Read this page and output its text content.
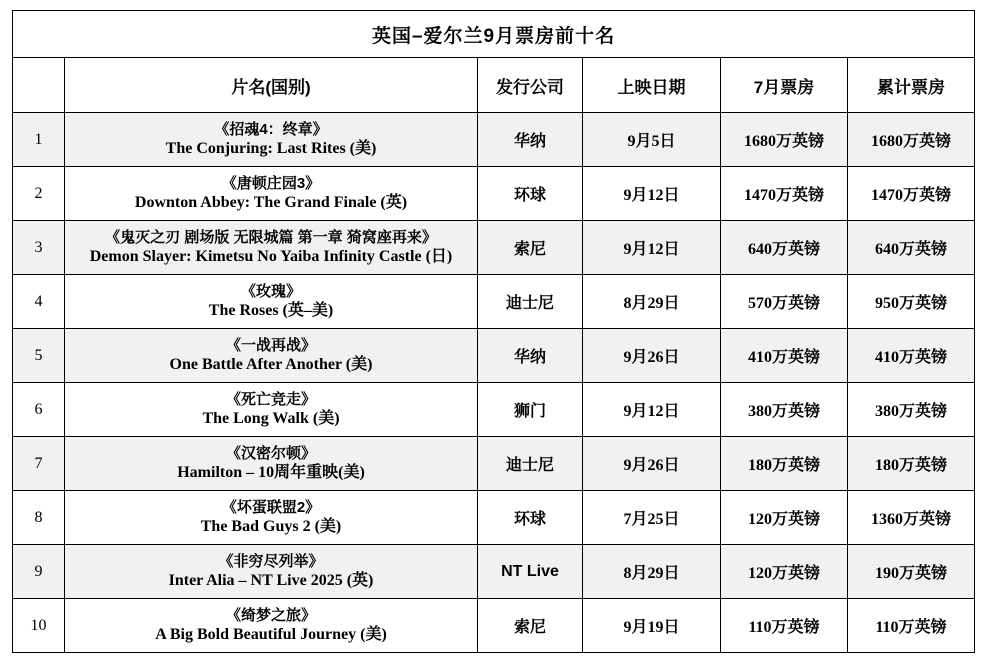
英国–爱尔兰9月票房前十名					
	片名(国别)	发行公司	上映日期	7月票房	累计票房
1	《招魂4：终章》
The Conjuring: Last Rites (美)	华纳	9月5日	1680万英镑	1680万英镑
2	《唐顿庄园3》
Downton Abbey: The Grand Finale (英)	环球	9月12日	1470万英镑	1470万英镑
3	《鬼灭之刃 剧场版 无限城篇 第一章 猗窝座再来》
Demon Slayer: Kimetsu No Yaiba Infinity Castle (日)	索尼	9月12日	640万英镑	640万英镑
4	《玫瑰》
The Roses (英–美)	迪士尼	8月29日	570万英镑	950万英镑
5	《一战再战》
One Battle After Another (美)	华纳	9月26日	410万英镑	410万英镑
6	《死亡竞走》
The Long Walk (美)	狮门	9月12日	380万英镑	380万英镑
7	《汉密尔顿》
Hamilton – 10周年重映(美)	迪士尼	9月26日	180万英镑	180万英镑
8	《坏蛋联盟2》
The Bad Guys 2 (美)	环球	7月25日	120万英镑	1360万英镑
9	《非穷尽列举》
Inter Alia – NT Live 2025 (英)	NT Live	8月29日	120万英镑	190万英镑
10	《绮梦之旅》
A Big Bold Beautiful Journey (美)	索尼	9月19日	110万英镑	110万英镑
